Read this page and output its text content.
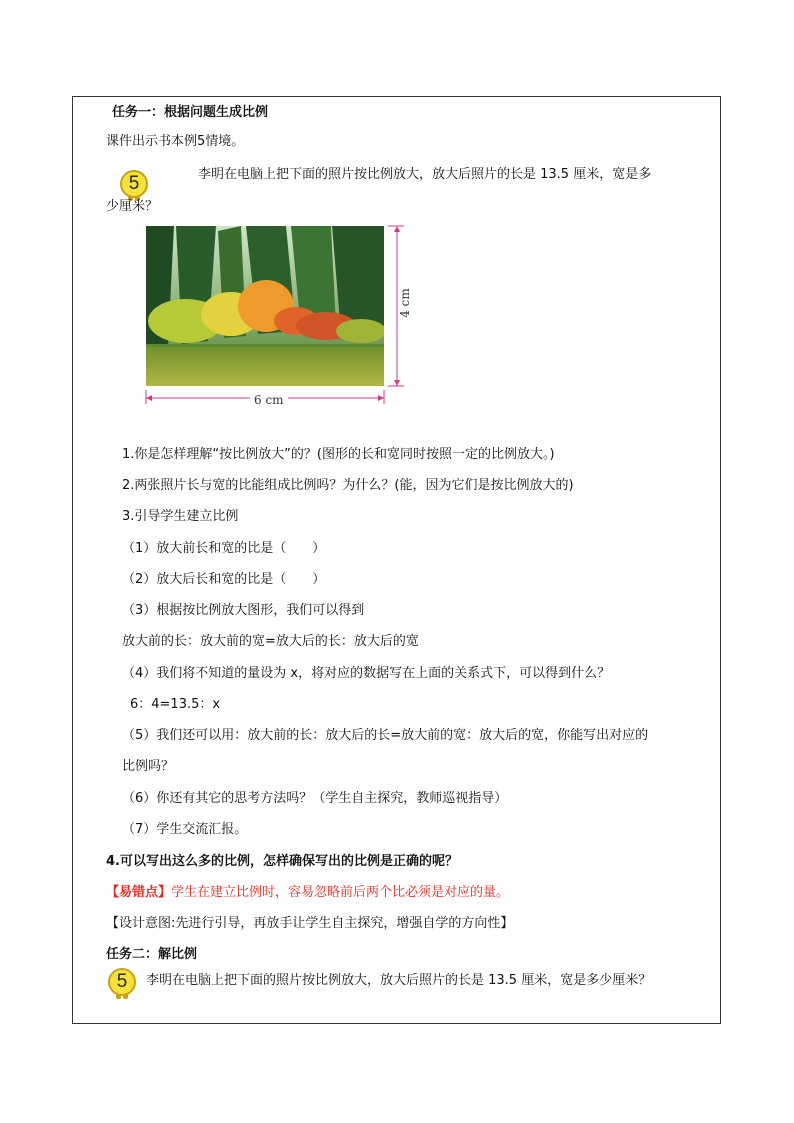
任务一：根据问题生成比例
课件出示书本例5情境。
5	李明在电脑上把下面的照片按比例放大，放大后照片的长是 13.5 厘米，宽是多
少厘米？
6 cm
4 cm
1.你是怎样理解“按比例放大”的？(图形的长和宽同时按照一定的比例放大。)
2.两张照片长与宽的比能组成比例吗？为什么？(能，因为它们是按比例放大的)
3.引导学生建立比例
（1）放大前长和宽的比是（　　）
（2）放大后长和宽的比是（　　）
（3）根据按比例放大图形，我们可以得到
放大前的长：放大前的宽=放大后的长：放大后的宽
（4）我们将不知道的量设为 x，将对应的数据写在上面的关系式下，可以得到什么？
6：4=13.5：x
（5）我们还可以用：放大前的长：放大后的长=放大前的宽：放大后的宽，你能写出对应的
比例吗？
（6）你还有其它的思考方法吗？（学生自主探究，教师巡视指导）
（7）学生交流汇报。
4.可以写出这么多的比例，怎样确保写出的比例是正确的呢？
【易错点】学生在建立比例时，容易忽略前后两个比必须是对应的量。
【设计意图:先进行引导，再放手让学生自主探究，增强自学的方向性】
任务二：解比例
5 李明在电脑上把下面的照片按比例放大，放大后照片的长是 13.5 厘米，宽是多少厘米？
